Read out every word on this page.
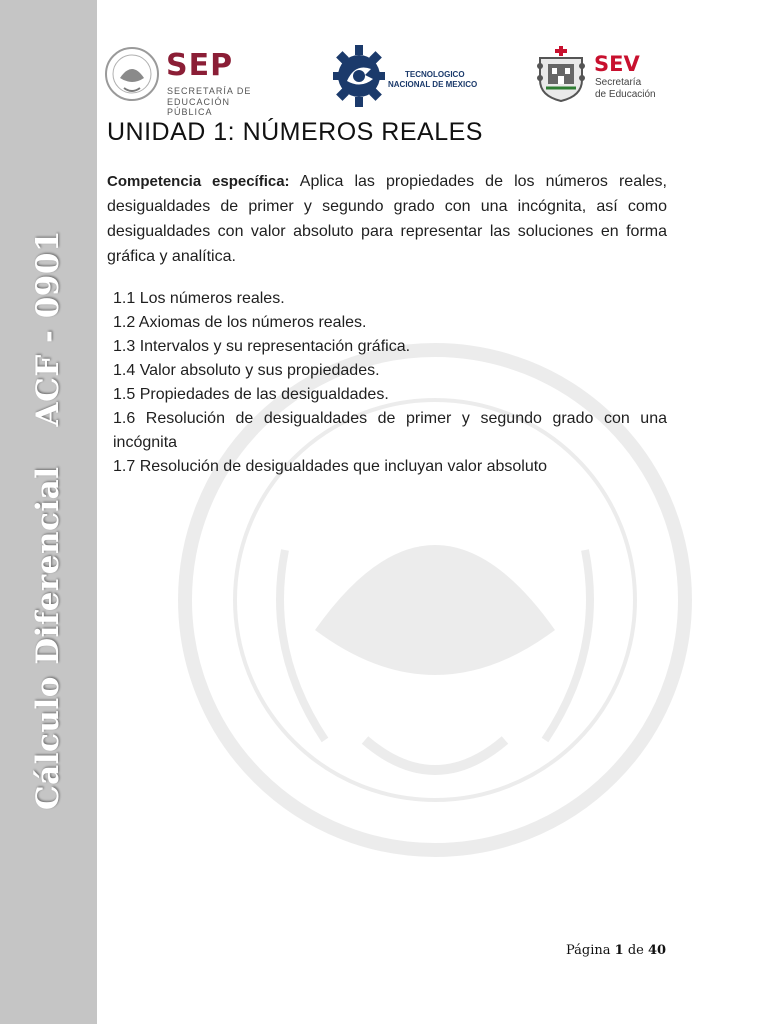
Cálculo DiferencialACF - 0901
SEP
SECRETARÍA DE
EDUCACIÓN PÚBLICA
TECNOLOGICO
NACIONAL DE MEXICO
SEV
Secretaría
de Educación
UNIDAD 1: NÚMEROS REALES

Competencia específica: Aplica las propiedades de los números reales, desigualdades de primer y segundo grado con una incógnita, así como desigualdades con valor absoluto para representar las soluciones en forma gráfica y analítica.

1.1 Los números reales.
1.2 Axiomas de los números reales.
1.3 Intervalos y su representación gráfica.
1.4 Valor absoluto y sus propiedades.
1.5 Propiedades de las desigualdades.
1.6 Resolución de desigualdades de primer y segundo grado con una incógnita
1.7 Resolución de desigualdades que incluyan valor absoluto
Página 1 de 40
